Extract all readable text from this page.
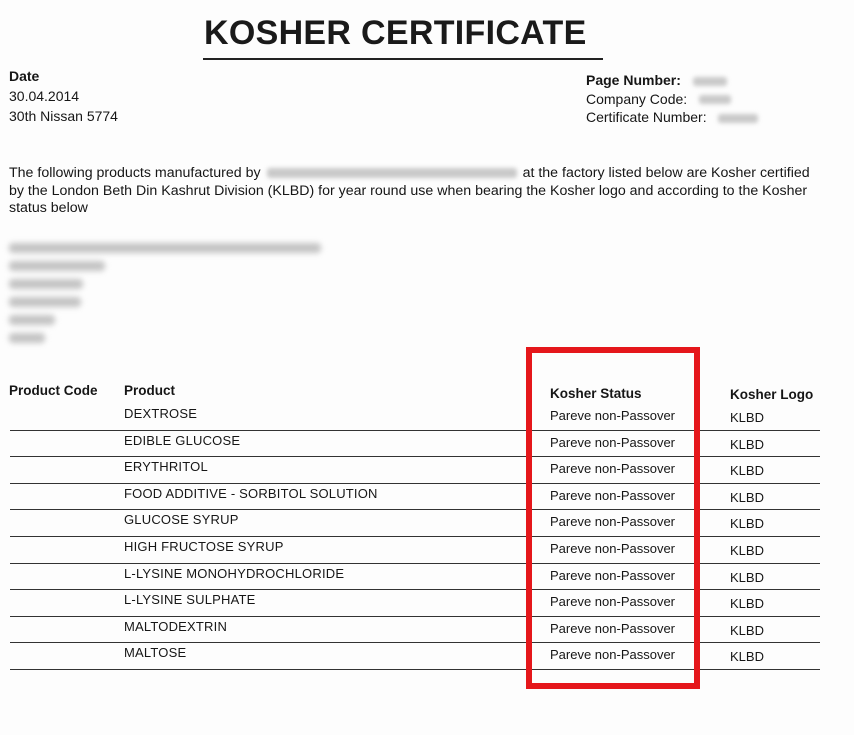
KOSHER CERTIFICATE
Date
30.04.2014
30th Nissan 5774
Page Number:
Company Code:
Certificate Number:
The following products manufactured by	at the factory listed below are Kosher certified by the London Beth Din Kashrut Division (KLBD) for year round use when bearing the Kosher logo and according to the Kosher status below
Product Code Product	Kosher Status	Kosher Logo
DEXTROSE	Pareve non-Passover	KLBD
EDIBLE GLUCOSE	Pareve non-Passover	KLBD
ERYTHRITOL	Pareve non-Passover	KLBD
FOOD ADDITIVE - SORBITOL SOLUTION	Pareve non-Passover	KLBD
GLUCOSE SYRUP	Pareve non-Passover	KLBD
HIGH FRUCTOSE SYRUP	Pareve non-Passover	KLBD
L-LYSINE MONOHYDROCHLORIDE	Pareve non-Passover	KLBD
L-LYSINE SULPHATE	Pareve non-Passover	KLBD
MALTODEXTRIN	Pareve non-Passover	KLBD
MALTOSE	Pareve non-Passover	KLBD
